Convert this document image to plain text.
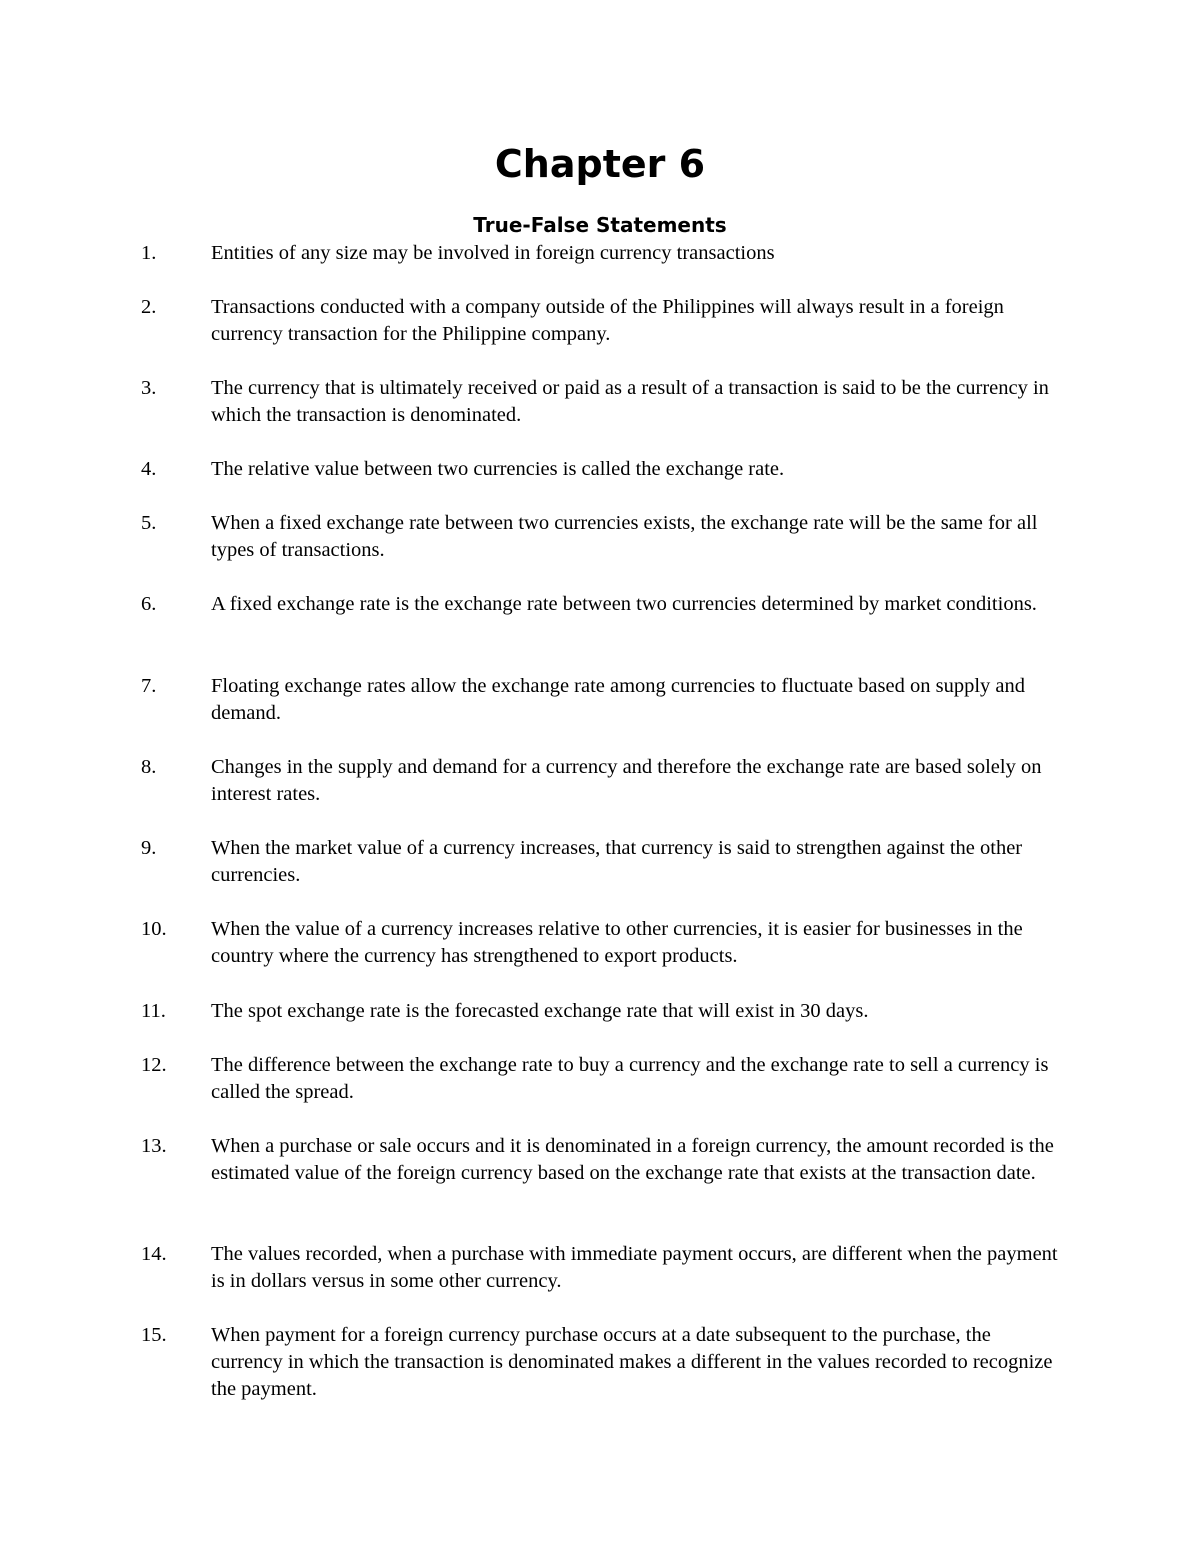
Chapter 6
True-False Statements
1.	Entities of any size may be involved in foreign currency transactions
2.	Transactions conducted with a company outside of the Philippines will always result in a foreign currency transaction for the Philippine company.
3.	The currency that is ultimately received or paid as a result of a transaction is said to be the currency in which the transaction is denominated.
4.	The relative value between two currencies is called the exchange rate.
5.	When a fixed exchange rate between two currencies exists, the exchange rate will be the same for all types of transactions.
6.	A fixed exchange rate is the exchange rate between two currencies determined by market conditions.
7.	Floating exchange rates allow the exchange rate among currencies to fluctuate based on supply and demand.
8.	Changes in the supply and demand for a currency and therefore the exchange rate are based solely on interest rates.
9.	When the market value of a currency increases, that currency is said to strengthen against the other currencies.
10. When the value of a currency increases relative to other currencies, it is easier for businesses in the country where the currency has strengthened to export products.
11. The spot exchange rate is the forecasted exchange rate that will exist in 30 days.
12. The difference between the exchange rate to buy a currency and the exchange rate to sell a currency is called the spread.
13. When a purchase or sale occurs and it is denominated in a foreign currency, the amount recorded is the estimated value of the foreign currency based on the exchange rate that exists at the transaction date.
14. The values recorded, when a purchase with immediate payment occurs, are different when the payment is in dollars versus in some other currency.
15. When payment for a foreign currency purchase occurs at a date subsequent to the purchase, the currency in which the transaction is denominated makes a different in the values recorded to recognize the payment.
